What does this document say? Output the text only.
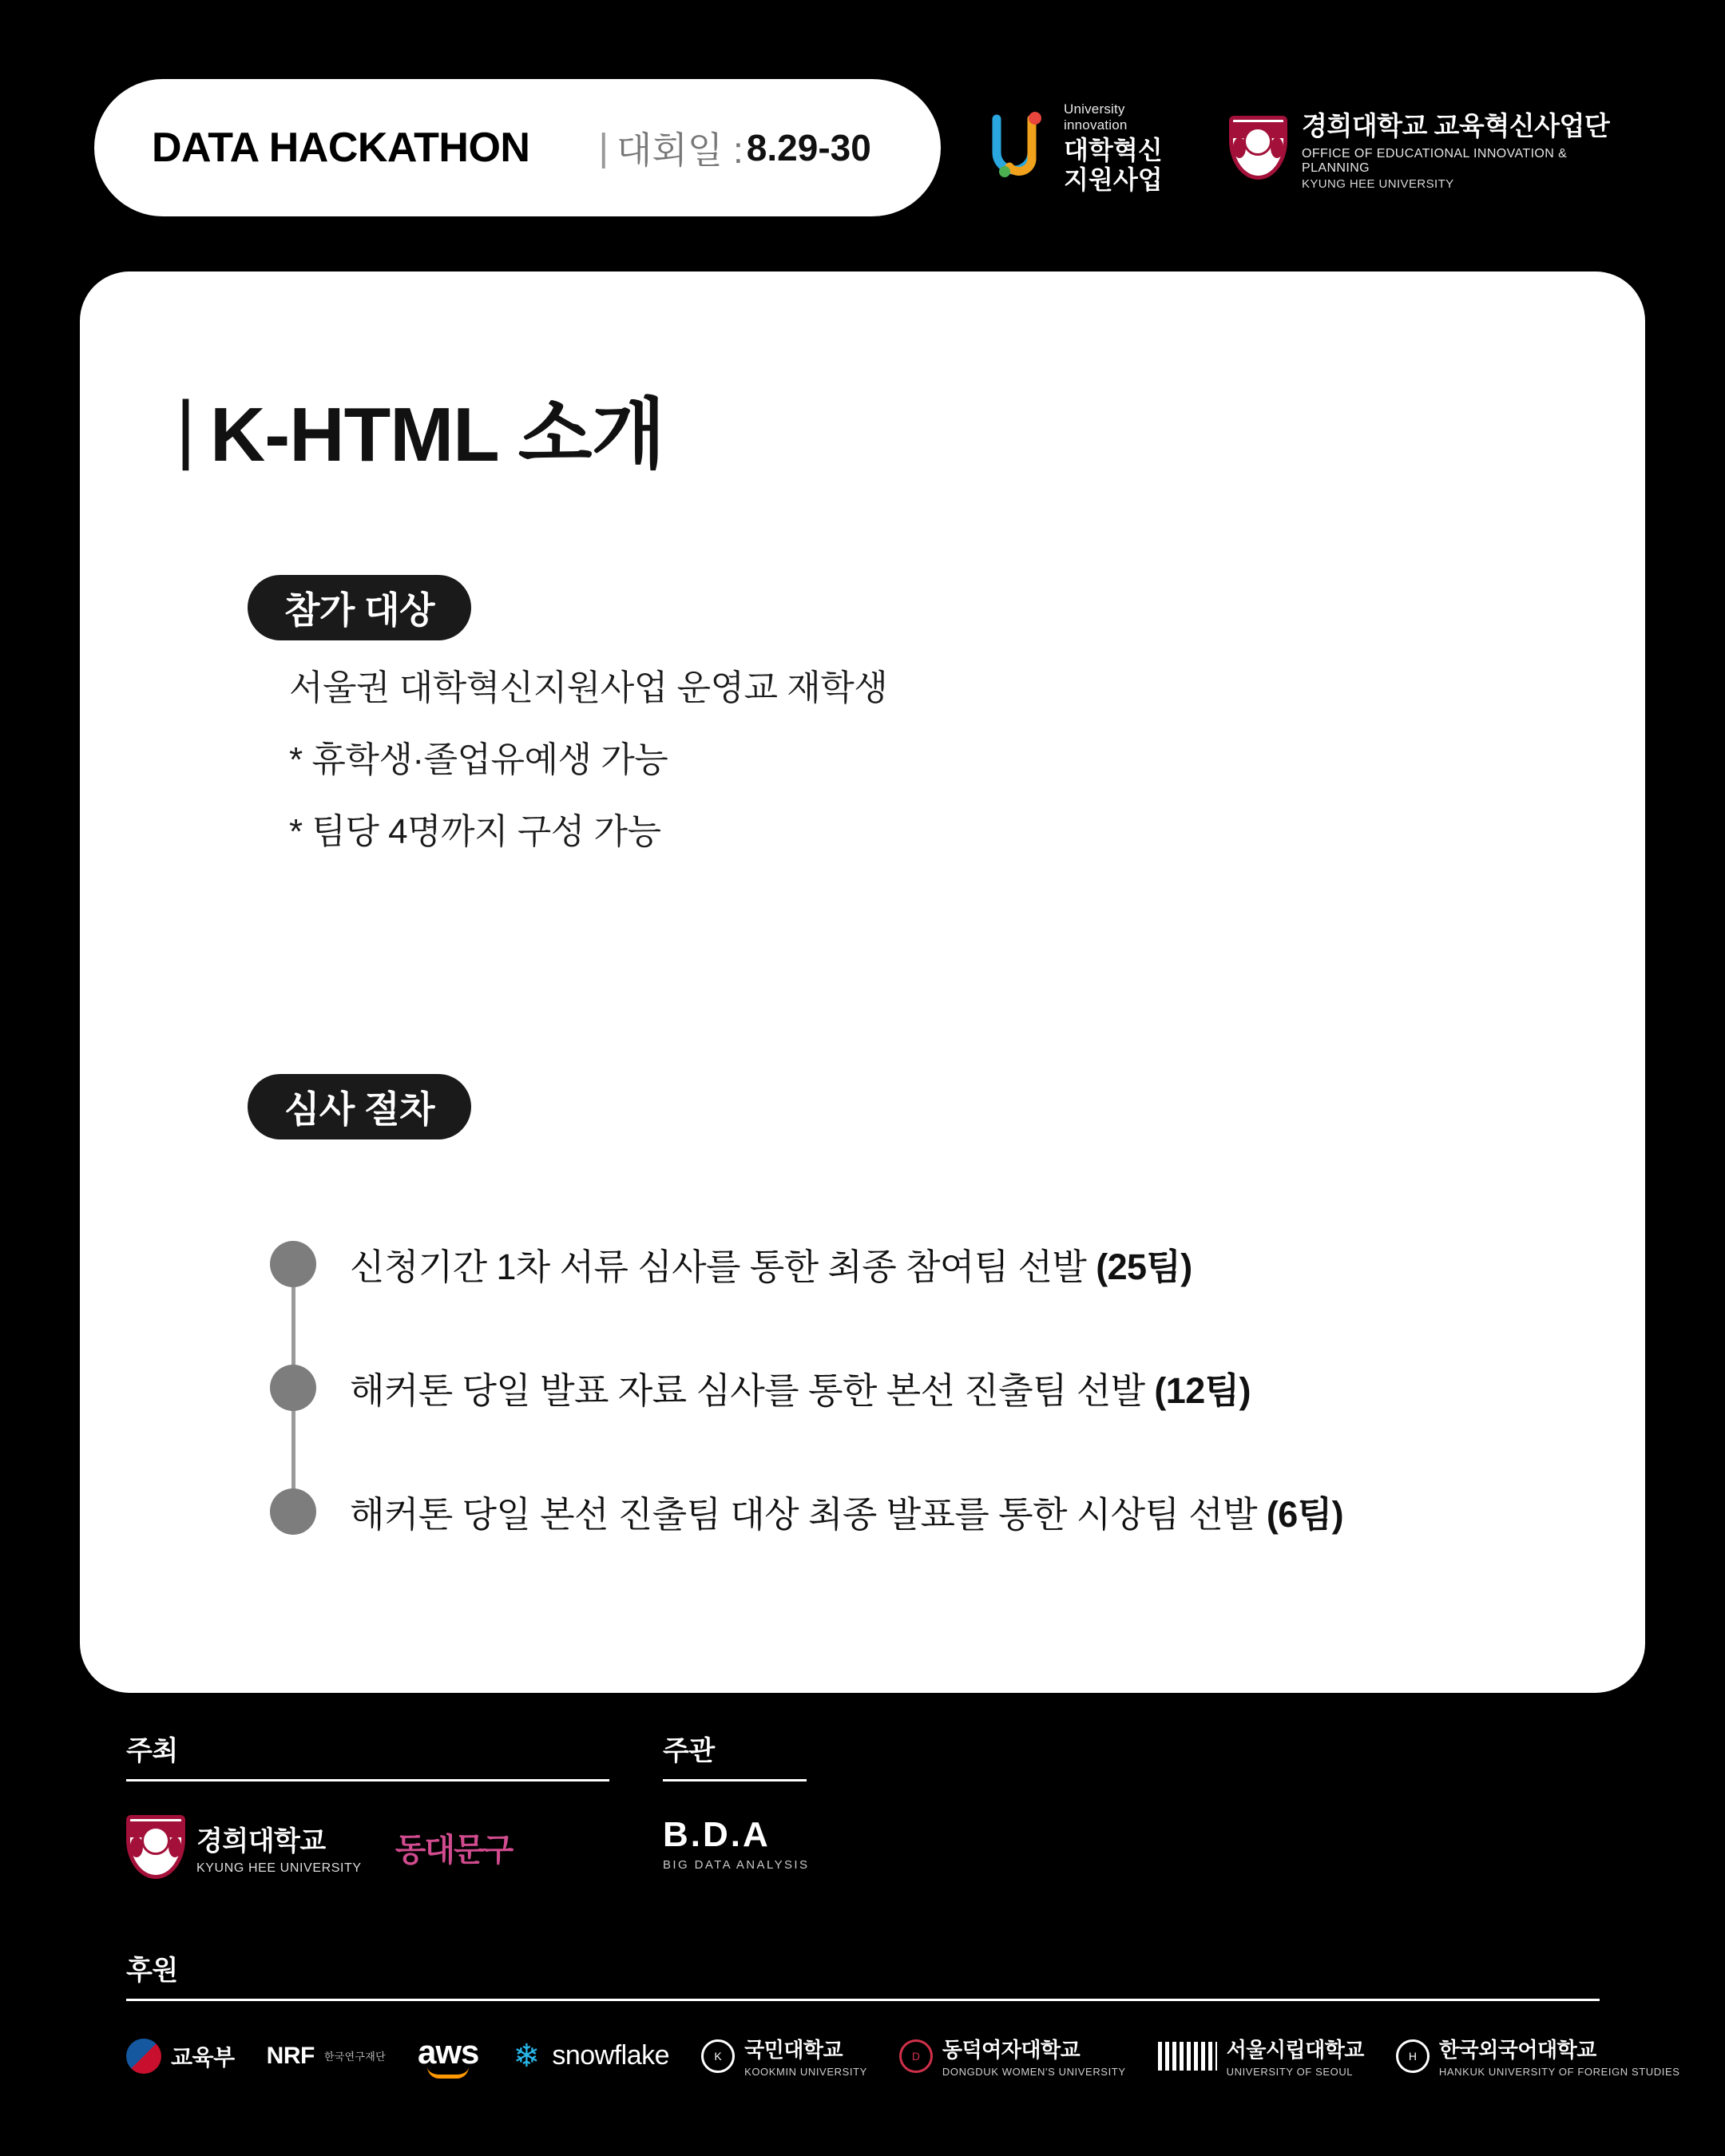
DATA HACKATHON | 대회일 : 8.29-30
University innovation
대학혁신
지원사업
경희대학교 교육혁신사업단
OFFICE OF EDUCATIONAL INNOVATION & PLANNING
KYUNG HEE UNIVERSITY
| K-HTML 소개
참가 대상
서울권 대학혁신지원사업 운영교 재학생
* 휴학생·졸업유예생 가능
* 팀당 4명까지 구성 가능
심사 절차
신청기간 1차 서류 심사를 통한 최종 참여팀 선발 (25팀)
해커톤 당일 발표 자료 심사를 통한 본선 진출팀 선발 (12팀)
해커톤 당일 본선 진출팀 대상 최종 발표를 통한 시상팀 선발 (6팀)
주최
경희대학교
KYUNG HEE UNIVERSITY 동대문구
주관
B.D.A
BIG DATA ANALYSIS
후원
교육부 NRF 한국연구재단 aws ❄ snowflake	K	국민대학교
KOOKMIN UNIVERSITY
D	동덕여자대학교
DONGDUK WOMEN'S UNIVERSITY
서울시립대학교
UNIVERSITY OF SEOUL
H	한국외국어대학교
HANKUK UNIVERSITY OF FOREIGN STUDIES
